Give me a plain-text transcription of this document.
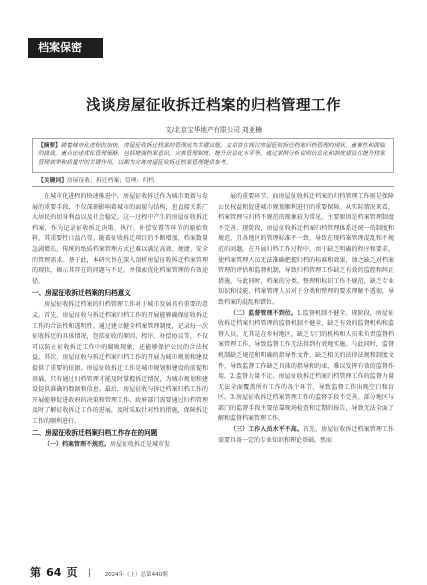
档案保密
浅谈房屋征收拆迁档案的归档管理工作
文/北京宝华地产有限公司 刘亚楠
【摘要】随着城市化进程的加快，房屋征收拆迁档案的管理成为关键议题。文章首在探讨房屋征收拆迁档案归档管理的现状、重要性和面临的挑战，重点论述优化管理策略，包括增强档案意识、完善管理制度、提升信息化水平等。通过案例分析说明信息化和制度建设在提升档案管理效率和质量中的关键作用，以期为完善房屋征收拆迁档案管理提供参考。
【关键词】房屋征收；拆迁档案；管理；归档

在城市化进程的快速推进中，房屋征收拆迁作为城市更新与发展的重要手段，不仅深刻影响着城市的面貌与结构，也直接关系广大居民的切身利益以及社会稳定。这一过程中产生的房屋征收拆迁档案，作为记录征收拆迁决策、执行、补偿安置等环节的原始资料，其重要性日益凸显。随着征收拆迁项目的不断增加，档案数量急剧增长，传统的纸质档案管理方式已难以满足高效、便捷、安全的管理需求。基于此，本研究旨在深入剖析房屋征收拆迁档案管理的现状，揭示其存在的问题与不足，并探索优化档案管理的有效途径。

一、房屋征收拆迁档案的归档意义

房屋征收拆迁档案的归档管理工作对于城市发展具有重要的意义。首先，房屋征收与拆迁档案归档工作的开展能够确保征收拆迁工作的合法性和透明性。通过建立健全档案管理制度，记录每一次征收拆迁的具体情况，包括征收的原因、程序、补偿协议等，不仅可以防止征收拆迁工作中的腐败现象，还能够保护公民的合法权益。其次，房屋征收与拆迁档案归档工作的开展为城市规划和建设提供了重要的依据。房屋征收拆迁工作是城市规划和建设的前提和基础，只有通过归档管理才能及时掌握拆迁情况，为城市规划和建设提供准确的数据和信息。最后，房屋征收与拆迁档案归档工作的开展能够促进政府的决策和管理工作。政府部门需要通过归档管理及时了解征收拆迁工作的进展，及时采取针对性的措施，保障拆迁工作的顺利进行。

二、房屋征收拆迁档案归档工作存在的问题

（一）档案管理不规范。房屋征收拆迁是城市发

展的重要环节，而房屋征收拆迁档案的归档管理工作则是保障公民权益和促进城市规划顺利进行的重要保障。从实际情况来看，档案管理与归档不规范的现象较为常见，主要原因是档案管理制度不完善。现阶段，房屋征收拆迁档案归档管理体系还统一的制度和规范，且各地区的管理标准不一致，导致在现档案管理混乱和不规范的问题。在开展归档工作过程中，由于缺乏明确的程序和要求，使档案管理人员无法准确把握归档的标准和效果，加之缺乏对档案管理的评估和监督机制，导致归档管理工作缺乏有效的监控和纠正措施。与此同时，档案的分类、整理和标识工作不规范，缺乏专业知识和技能，档案管理人员对于分类和整理的要求理解不透彻，导致档案的混乱和错位。

（二）监督管理不到位。1.监督机制不健全。现阶段，房屋征收拆迁档案归档管理的监督机制不健全，缺乏有效的监督机构和监督人员，尤其是在乡村地区，缺乏专门的机构和人员来负责监督档案管理工作，导致监督工作无法得到有效地实施。与此同时，监督机制缺乏规范和明确的指导性文件，缺乏相关的法律法规和制度文件，导致监督工作缺乏具体的指导和约束，难以发挥有效的监督作用。2.监督力量不足。房屋征收拆迁档案归档管理工作的监督力量无法全面覆盖所有工作的各个环节，导致监督工作出现空白和盲区。3.房屋征收拆迁档案管理工作的监督手段不完善。部分地区与部门的监督手段主要依靠现场检查和定期的报告，导致无法全面了解和监督档案管理工作。

（三）工作人员水平不高。首先，房屋征收拆迁档案管理工作需要具备一定的专业知识和理论基础。然而

第 64 页	2024年（上）总第440期
